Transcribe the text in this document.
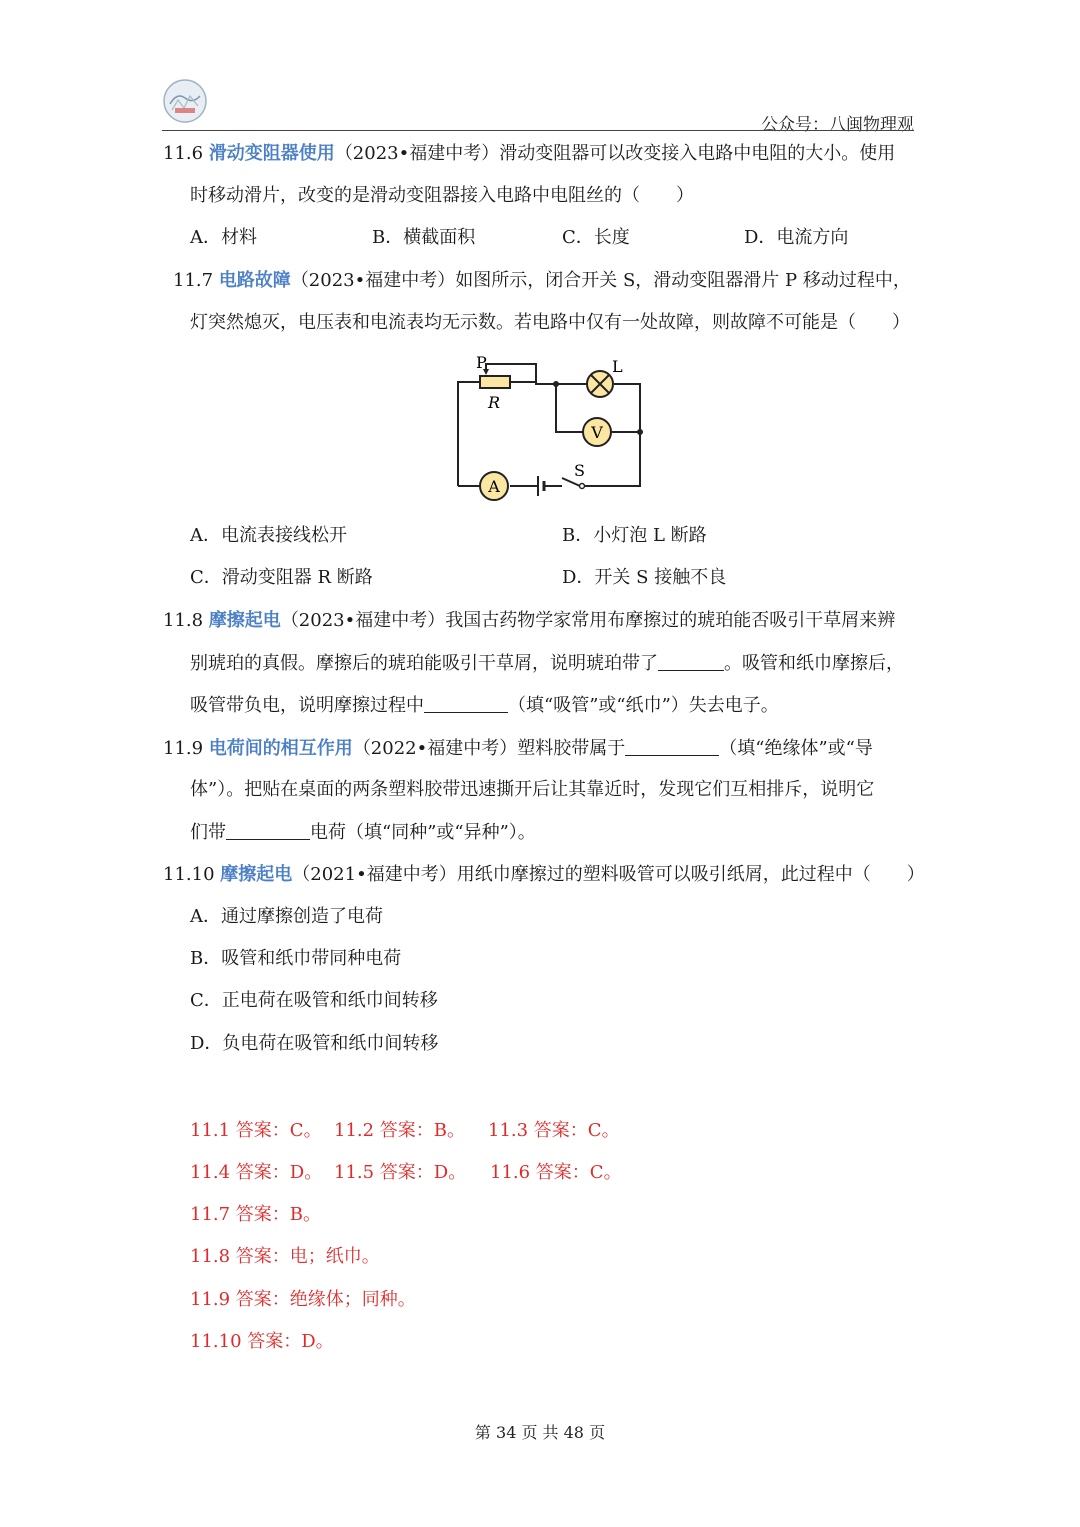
公众号：八闽物理观
11.6 滑动变阻器使用（2023•福建中考）滑动变阻器可以改变接入电路中电阻的大小。使用
时移动滑片，改变的是滑动变阻器接入电路中电阻丝的（　　）
A．材料	B．横截面积	C．长度	D．电流方向
11.7 电路故障（2023•福建中考）如图所示，闭合开关 S，滑动变阻器滑片 P 移动过程中，
灯突然熄灭，电压表和电流表均无示数。若电路中仅有一处故障，则故障不可能是（　　）
V
A
P
R
L
S
A．电流表接线松开	B．小灯泡 L 断路
C．滑动变阻器 R 断路	D．开关 S 接触不良
11.8 摩擦起电（2023•福建中考）我国古药物学家常用布摩擦过的琥珀能否吸引干草屑来辨
别琥珀的真假。摩擦后的琥珀能吸引干草屑，说明琥珀带了	。吸管和纸巾摩擦后，
吸管带负电，说明摩擦过程中	（填“吸管”或“纸巾”）失去电子。
11.9 电荷间的相互作用（2022•福建中考）塑料胶带属于	（填“绝缘体”或“导
体”）。把贴在桌面的两条塑料胶带迅速撕开后让其靠近时，发现它们互相排斥，说明它
们带	电荷（填“同种”或“异种”）。
11.10 摩擦起电（2021•福建中考）用纸巾摩擦过的塑料吸管可以吸引纸屑，此过程中（　　）
A．通过摩擦创造了电荷
B．吸管和纸巾带同种电荷
C．正电荷在吸管和纸巾间转移
D．负电荷在吸管和纸巾间转移
11.1 答案：C。 11.2 答案：B。 11.3 答案：C。
11.4 答案：D。 11.5 答案：D。 11.6 答案：C。
11.7 答案：B。
11.8 答案：电；纸巾。
11.9 答案：绝缘体；同种。
11.10 答案：D。
第 34 页 共 48 页
